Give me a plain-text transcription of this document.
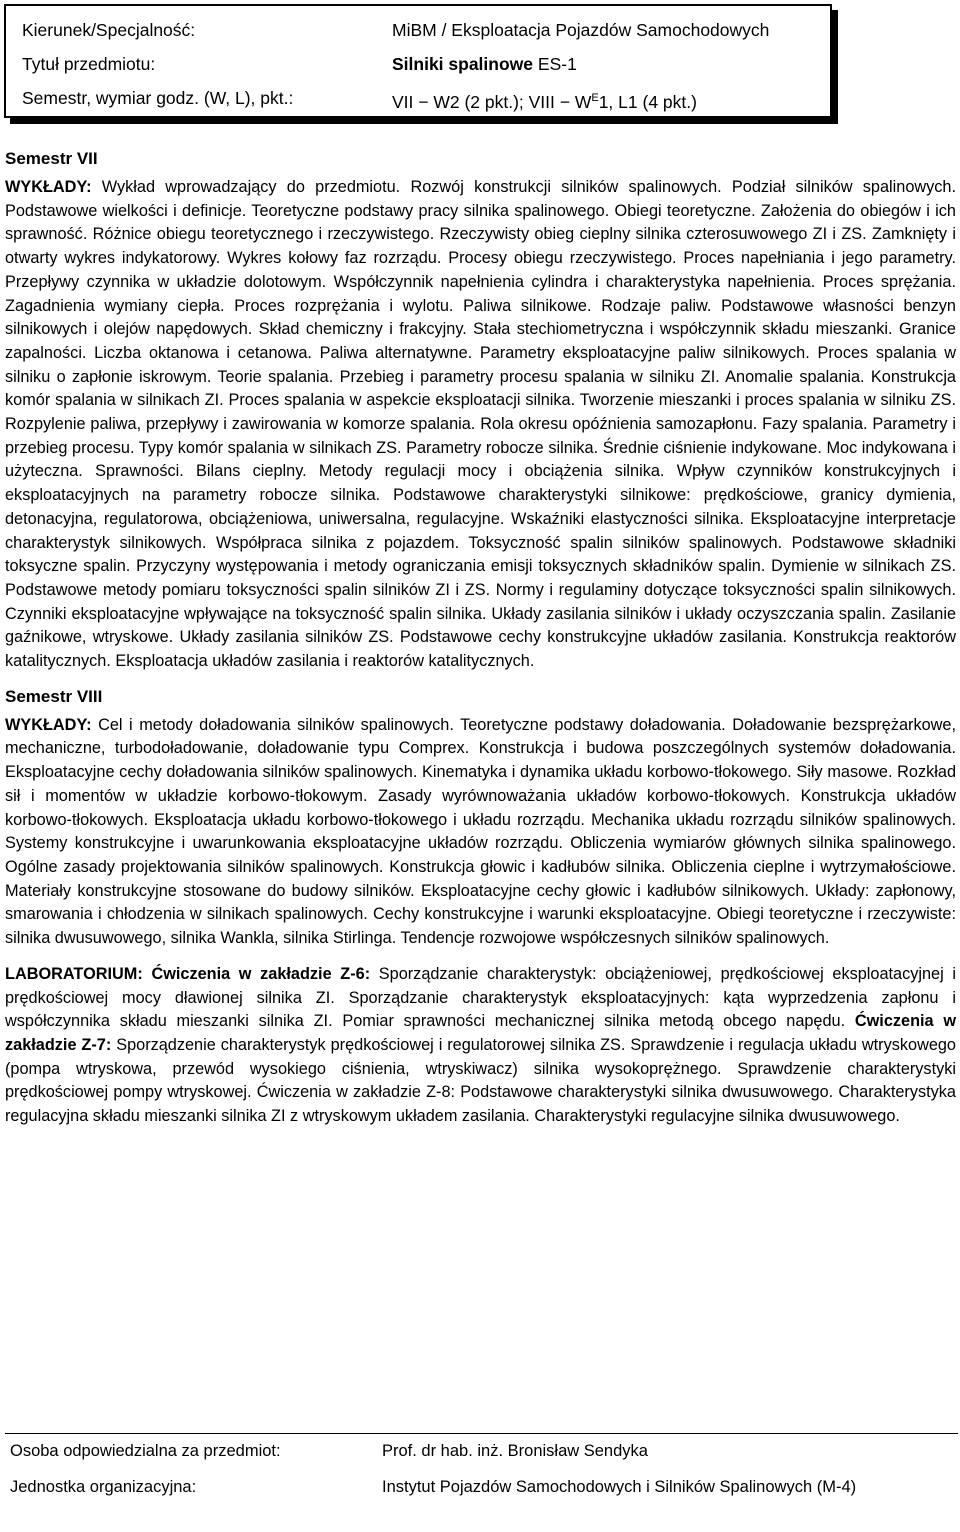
Kierunek/Specjalność:	MiBM / Eksploatacja Pojazdów Samochodowych
Tytuł przedmiotu:	Silniki spalinowe ES-1
Semestr, wymiar godz. (W, L), pkt.:	VII − W2 (2 pkt.); VIII − $W^E1$, L1 (4 pkt.)
Semestr VII

WYKŁADY: Wykład wprowadzający do przedmiotu. Rozwój konstrukcji silników spalinowych. Podział silników spalinowych. Podstawowe wielkości i definicje. Teoretyczne podstawy pracy silnika spalinowego. Obiegi teoretyczne. Założenia do obiegów i ich sprawność. Różnice obiegu teoretycznego i rzeczywistego. Rzeczywisty obieg cieplny silnika czterosuwowego ZI i ZS. Zamknięty i otwarty wykres indykatorowy. Wykres kołowy faz rozrządu. Procesy obiegu rzeczywistego. Proces napełniania i jego parametry. Przepływy czynnika w układzie dolotowym. Współczynnik napełnienia cylindra i charakterystyka napełnienia. Proces sprężania. Zagadnienia wymiany ciepła. Proces rozprężania i wylotu. Paliwa silnikowe. Rodzaje paliw. Podstawowe własności benzyn silnikowych i olejów napędowych. Skład chemiczny i frakcyjny. Stała stechiometryczna i współczynnik składu mieszanki. Granice zapalności. Liczba oktanowa i cetanowa. Paliwa alternatywne. Parametry eksploatacyjne paliw silnikowych. Proces spalania w silniku o zapłonie iskrowym. Teorie spalania. Przebieg i parametry procesu spalania w silniku ZI. Anomalie spalania. Konstrukcja komór spalania w silnikach ZI. Proces spalania w aspekcie eksploatacji silnika. Tworzenie mieszanki i proces spalania w silniku ZS. Rozpylenie paliwa, przepływy i zawirowania w komorze spalania. Rola okresu opóźnienia samozapłonu. Fazy spalania. Parametry i przebieg procesu. Typy komór spalania w silnikach ZS. Parametry robocze silnika. Średnie ciśnienie indykowane. Moc indykowana i użyteczna. Sprawności. Bilans cieplny. Metody regulacji mocy i obciążenia silnika. Wpływ czynników konstrukcyjnych i eksploatacyjnych na parametry robocze silnika. Podstawowe charakterystyki silnikowe: prędkościowe, granicy dymienia, detonacyjna, regulatorowa, obciążeniowa, uniwersalna, regulacyjne. Wskaźniki elastyczności silnika. Eksploatacyjne interpretacje charakterystyk silnikowych. Współpraca silnika z pojazdem. Toksyczność spalin silników spalinowych. Podstawowe składniki toksyczne spalin. Przyczyny występowania i metody ograniczania emisji toksycznych składników spalin. Dymienie w silnikach ZS. Podstawowe metody pomiaru toksyczności spalin silników ZI i ZS. Normy i regulaminy dotyczące toksyczności spalin silnikowych. Czynniki eksploatacyjne wpływające na toksyczność spalin silnika. Układy zasilania silników i układy oczyszczania spalin. Zasilanie gaźnikowe, wtryskowe. Układy zasilania silników ZS. Podstawowe cechy konstrukcyjne układów zasilania. Konstrukcja reaktorów katalitycznych. Eksploatacja układów zasilania i reaktorów katalitycznych.

Semestr VIII

WYKŁADY: Cel i metody doładowania silników spalinowych. Teoretyczne podstawy doładowania. Doładowanie bezsprężarkowe, mechaniczne, turbodoładowanie, doładowanie typu Comprex. Konstrukcja i budowa poszczególnych systemów doładowania. Eksploatacyjne cechy doładowania silników spalinowych. Kinematyka i dynamika układu korbowo-tłokowego. Siły masowe. Rozkład sił i momentów w układzie korbowo-tłokowym. Zasady wyrównoważania układów korbowo-tłokowych. Konstrukcja układów korbowo-tłokowych. Eksploatacja układu korbowo-tłokowego i układu rozrządu. Mechanika układu rozrządu silników spalinowych. Systemy konstrukcyjne i uwarunkowania eksploatacyjne układów rozrządu. Obliczenia wymiarów głównych silnika spalinowego. Ogólne zasady projektowania silników spalinowych. Konstrukcja głowic i kadłubów silnika. Obliczenia cieplne i wytrzymałościowe. Materiały konstrukcyjne stosowane do budowy silników. Eksploatacyjne cechy głowic i kadłubów silnikowych. Układy: zapłonowy, smarowania i chłodzenia w silnikach spalinowych. Cechy konstrukcyjne i warunki eksploatacyjne. Obiegi teoretyczne i rzeczywiste: silnika dwusuwowego, silnika Wankla, silnika Stirlinga. Tendencje rozwojowe współczesnych silników spalinowych.

LABORATORIUM: Ćwiczenia w zakładzie Z-6: Sporządzanie charakterystyk: obciążeniowej, prędkościowej eksploatacyjnej i prędkościowej mocy dławionej silnika ZI. Sporządzanie charakterystyk eksploatacyjnych: kąta wyprzedzenia zapłonu i współczynnika składu mieszanki silnika ZI. Pomiar sprawności mechanicznej silnika metodą obcego napędu. Ćwiczenia w zakładzie Z-7: Sporządzenie charakterystyk prędkościowej i regulatorowej silnika ZS. Sprawdzenie i regulacja układu wtryskowego (pompa wtryskowa, przewód wysokiego ciśnienia, wtryskiwacz) silnika wysokoprężnego. Sprawdzenie charakterystyki prędkościowej pompy wtryskowej. Ćwiczenia w zakładzie Z-8: Podstawowe charakterystyki silnika dwusuwowego. Charakterystyka regulacyjna składu mieszanki silnika ZI z wtryskowym układem zasilania. Charakterystyki regulacyjne silnika dwusuwowego.

Osoba odpowiedzialna za przedmiot:	Prof. dr hab. inż. Bronisław Sendyka
Jednostka organizacyjna:	Instytut Pojazdów Samochodowych i Silników Spalinowych (M-4)
